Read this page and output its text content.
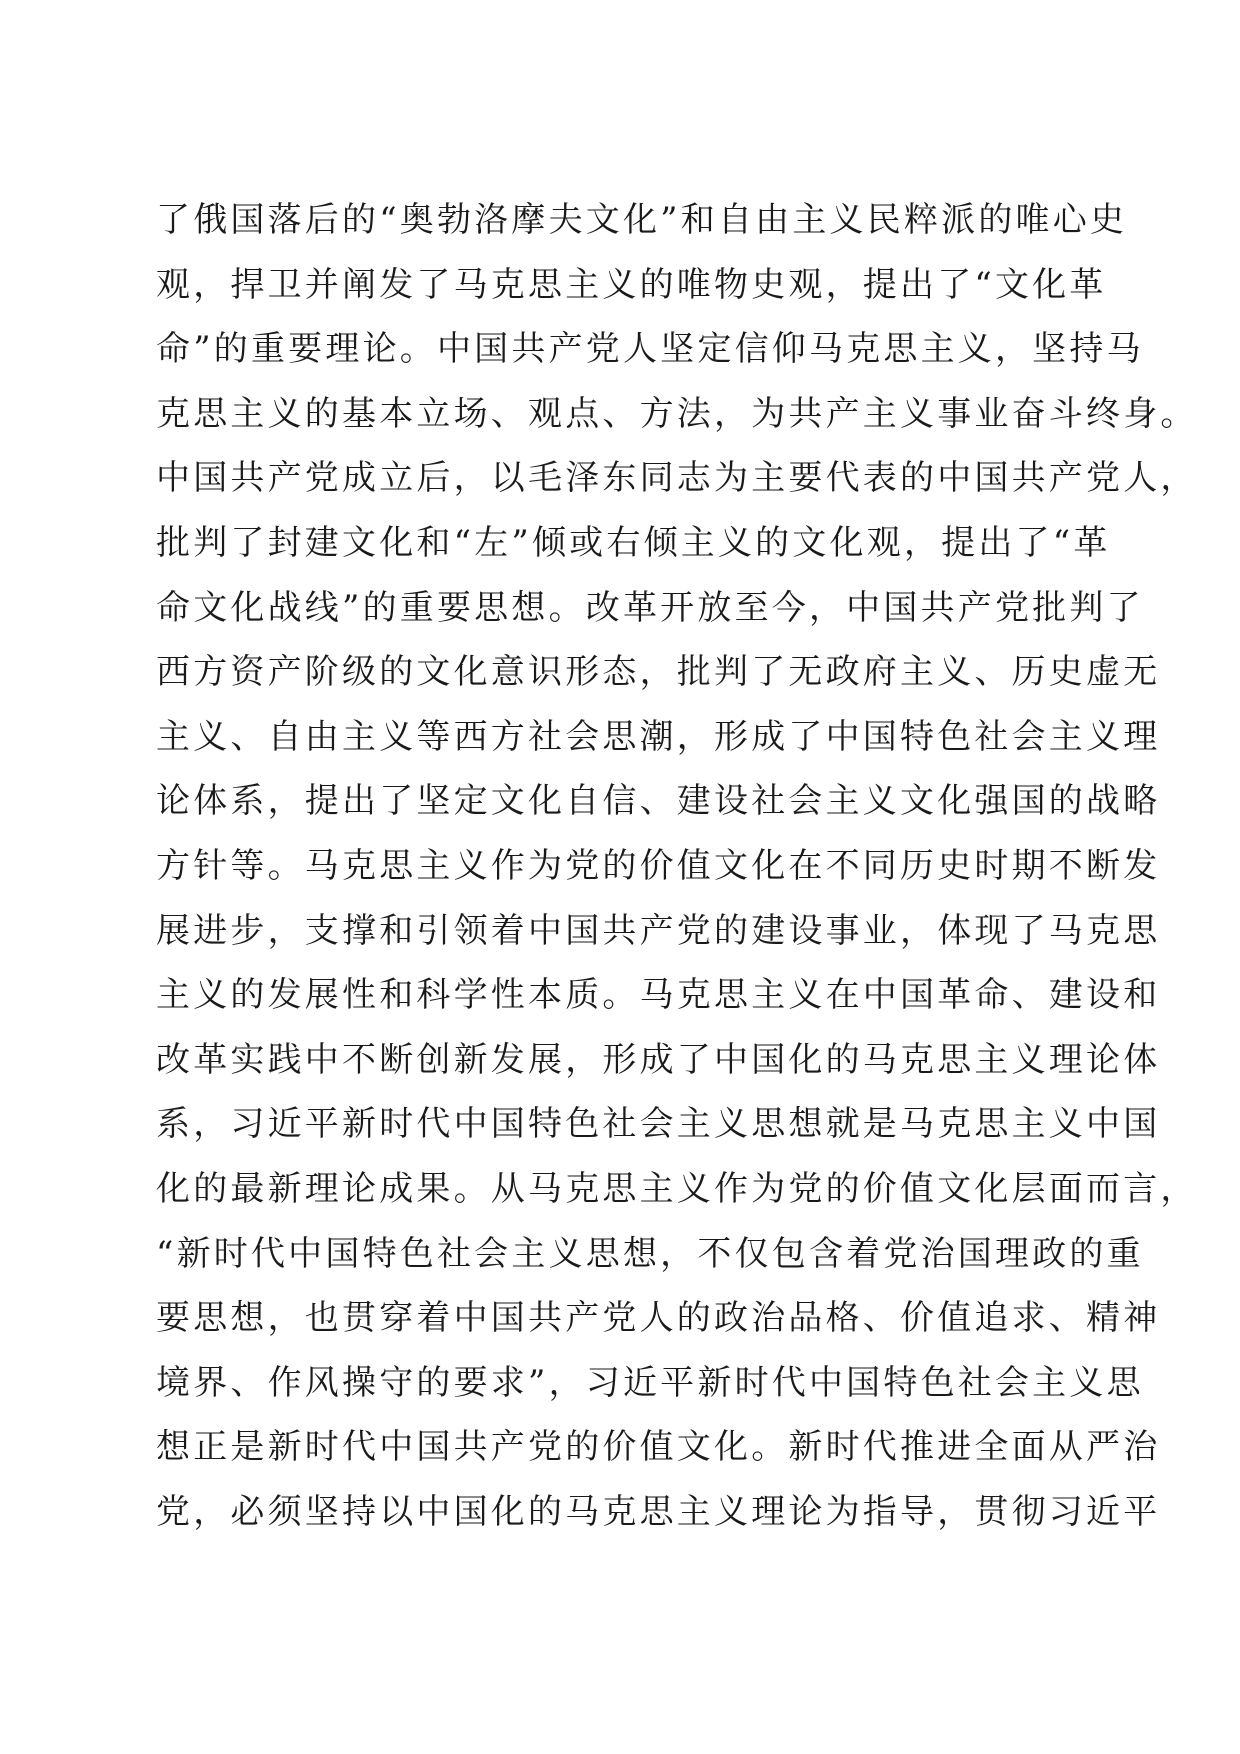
了俄国落后的“奥勃洛摩夫文化”和自由主义民粹派的唯心史
观，捍卫并阐发了马克思主义的唯物史观，提出了“文化革
命”的重要理论。中国共产党人坚定信仰马克思主义，坚持马
克思主义的基本立场、观点、方法，为共产主义事业奋斗终身。
中国共产党成立后，以毛泽东同志为主要代表的中国共产党人，
批判了封建文化和“左”倾或右倾主义的文化观，提出了“革
命文化战线”的重要思想。改革开放至今，中国共产党批判了
西方资产阶级的文化意识形态，批判了无政府主义、历史虚无
主义、自由主义等西方社会思潮，形成了中国特色社会主义理
论体系，提出了坚定文化自信、建设社会主义文化强国的战略
方针等。马克思主义作为党的价值文化在不同历史时期不断发
展进步，支撑和引领着中国共产党的建设事业，体现了马克思
主义的发展性和科学性本质。马克思主义在中国革命、建设和
改革实践中不断创新发展，形成了中国化的马克思主义理论体
系，习近平新时代中国特色社会主义思想就是马克思主义中国
化的最新理论成果。从马克思主义作为党的价值文化层面而言，
“新时代中国特色社会主义思想，不仅包含着党治国理政的重
要思想，也贯穿着中国共产党人的政治品格、价值追求、精神
境界、作风操守的要求”，习近平新时代中国特色社会主义思
想正是新时代中国共产党的价值文化。新时代推进全面从严治
党，必须坚持以中国化的马克思主义理论为指导，贯彻习近平
